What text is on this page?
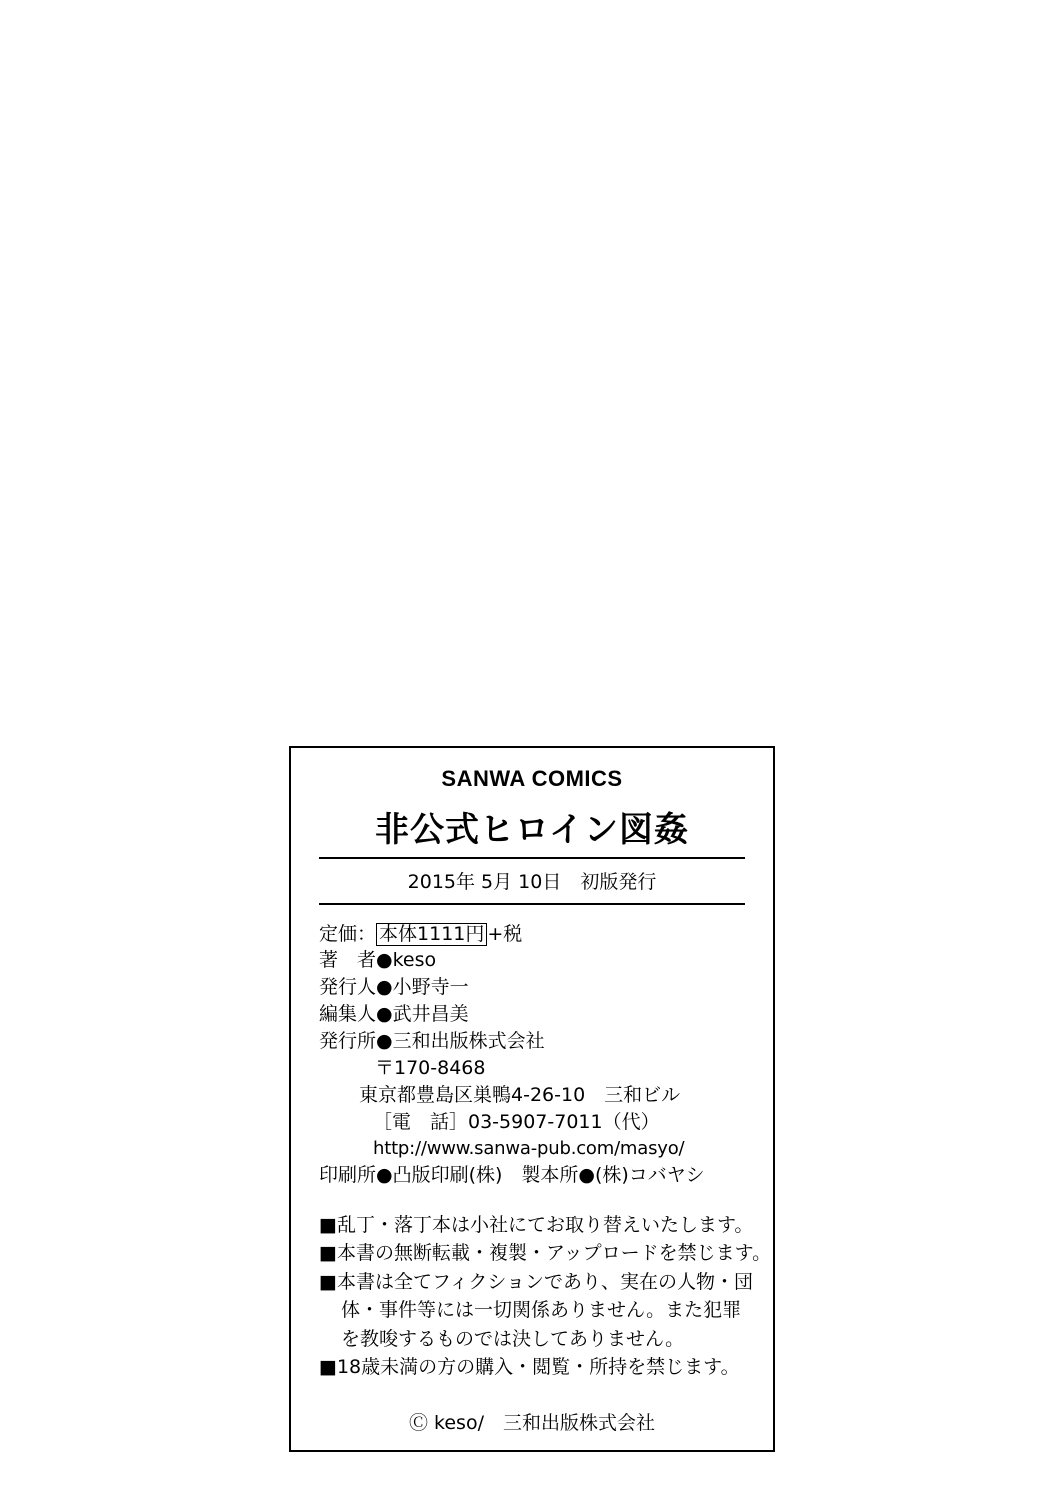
SANWA COMICS
非公式ヒロイン図姦
2015年 5月 10日　初版発行
定価： 本体1111円 +税
著　者●keso
発行人●小野寺一
編集人●武井昌美
発行所●三和出版株式会社
〒170-8468
東京都豊島区巣鴨4-26-10　三和ビル
［電　話］03-5907-7011（代）
http://www.sanwa-pub.com/masyo/
印刷所●凸版印刷(株)　製本所●(株)コバヤシ
■乱丁・落丁本は小社にてお取り替えいたします。
■本書の無断転載・複製・アップロードを禁じます。
■本書は全てフィクションであり、実在の人物・団
体・事件等には一切関係ありません。また犯罪
を教唆するものでは決してありません。
■18歳未満の方の購入・閲覧・所持を禁じます。
Ⓒ keso/　三和出版株式会社
